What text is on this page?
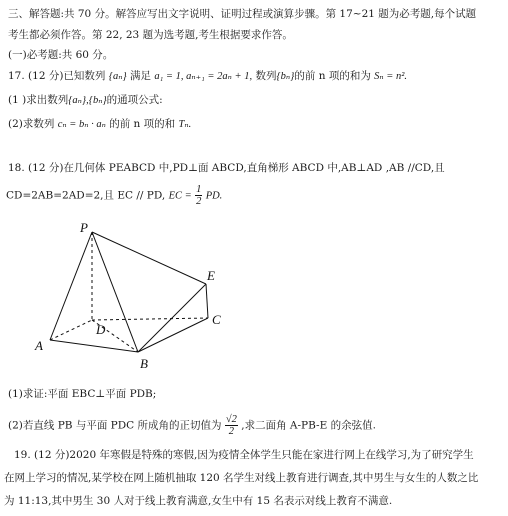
三、解答题:共 70 分。解答应写出文字说明、证明过程或演算步骤。第 17~21 题为必考题,每个试题
考生都必须作答。第 22, 23 题为选考题,考生根据要求作答。
(一)必考题:共 60 分。
17. (12 分)已知数列 {aₙ} 满足 a₁ = 1, aₙ₊₁ = 2aₙ + 1, 数列{bₙ}的前 n 项的和为 Sₙ = n².
(1 )求出数列{aₙ},{bₙ}的通项公式:
(2)求数列 cₙ = bₙ · aₙ 的前 n 项的和 Tₙ.
18. (12 分)在几何体 PEABCD 中,PD⊥面 ABCD,直角梯形 ABCD 中,AB⊥AD ,AB //CD,且
CD=2AB=2AD=2,且 EC // PD, EC = $\frac{1}{2}$ PD.
P
E
C
D
A
B
(1)求证:平面 EBC⊥平面 PDB;
(2)若直线 PB 与平面 PDC 所成角的正切值为 $\frac{√2}{2}$ ,求二面角 A-PB-E 的余弦值.
19. (12 分)2020 年寒假是特殊的寒假,因为疫情全体学生只能在家进行网上在线学习,为了研究学生
在网上学习的情况,某学校在网上随机抽取 120 名学生对线上教育进行调查,其中男生与女生的人数之比
为 11:13,其中男生 30 人对于线上教育满意,女生中有 15 名表示对线上教育不满意.
